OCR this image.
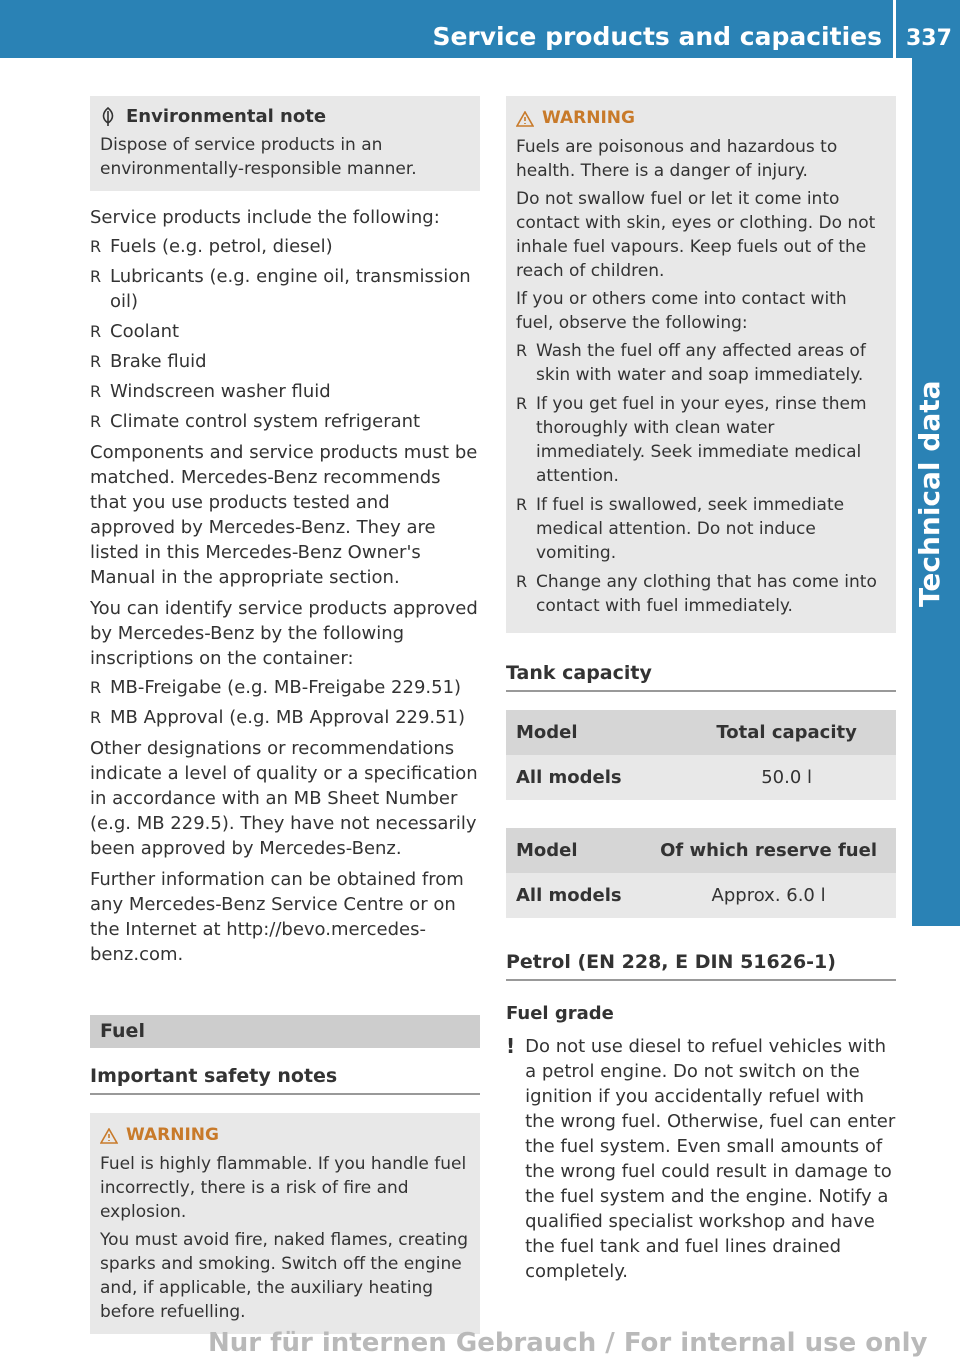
Service products and capacities 337
Technical data
Environmental note

Dispose of service products in an environmentally-responsible manner.

Service products include the following:

R Fuels (e.g. petrol, diesel)
R Lubricants (e.g. engine oil, transmission oil)
R Coolant
R Brake fluid
R Windscreen washer fluid
R Climate control system refrigerant

Components and service products must be matched. Mercedes-Benz recommends that you use products tested and approved by Mercedes-Benz. They are listed in this Mercedes-Benz Owner's Manual in the appropriate section.

You can identify service products approved by Mercedes-Benz by the following inscriptions on the container:

R MB-Freigabe (e.g. MB-Freigabe 229.51)
R MB Approval (e.g. MB Approval 229.51)

Other designations or recommendations indicate a level of quality or a specification in accordance with an MB Sheet Number (e.g. MB 229.5). They have not necessarily been approved by Mercedes-Benz.

Further information can be obtained from any Mercedes-Benz Service Centre or on the Internet at http://bevo.mercedes-benz.com.

Fuel
Important safety notes
WARNING

Fuel is highly flammable. If you handle fuel incorrectly, there is a risk of fire and explosion.

You must avoid fire, naked flames, creating sparks and smoking. Switch off the engine and, if applicable, the auxiliary heating before refuelling.

WARNING

Fuels are poisonous and hazardous to health. There is a danger of injury.

Do not swallow fuel or let it come into contact with skin, eyes or clothing. Do not inhale fuel vapours. Keep fuels out of the reach of children.

If you or others come into contact with fuel, observe the following:

R Wash the fuel off any affected areas of skin with water and soap immediately.
R If you get fuel in your eyes, rinse them thoroughly with clean water immediately. Seek immediate medical attention.
R If fuel is swallowed, seek immediate medical attention. Do not induce vomiting.
R Change any clothing that has come into contact with fuel immediately.
Tank capacity
Model	Total capacity
All models	50.0 l
Model	Of which reserve fuel
All models	Approx. 6.0 l
Petrol (EN 228, E DIN 51626-1)
Fuel grade
! Do not use diesel to refuel vehicles with a petrol engine. Do not switch on the ignition if you accidentally refuel with the wrong fuel. Otherwise, fuel can enter the fuel system. Even small amounts of the wrong fuel could result in damage to the fuel system and the engine. Notify a qualified specialist workshop and have the fuel tank and fuel lines drained completely.
Nur für internen Gebrauch / For internal use only
